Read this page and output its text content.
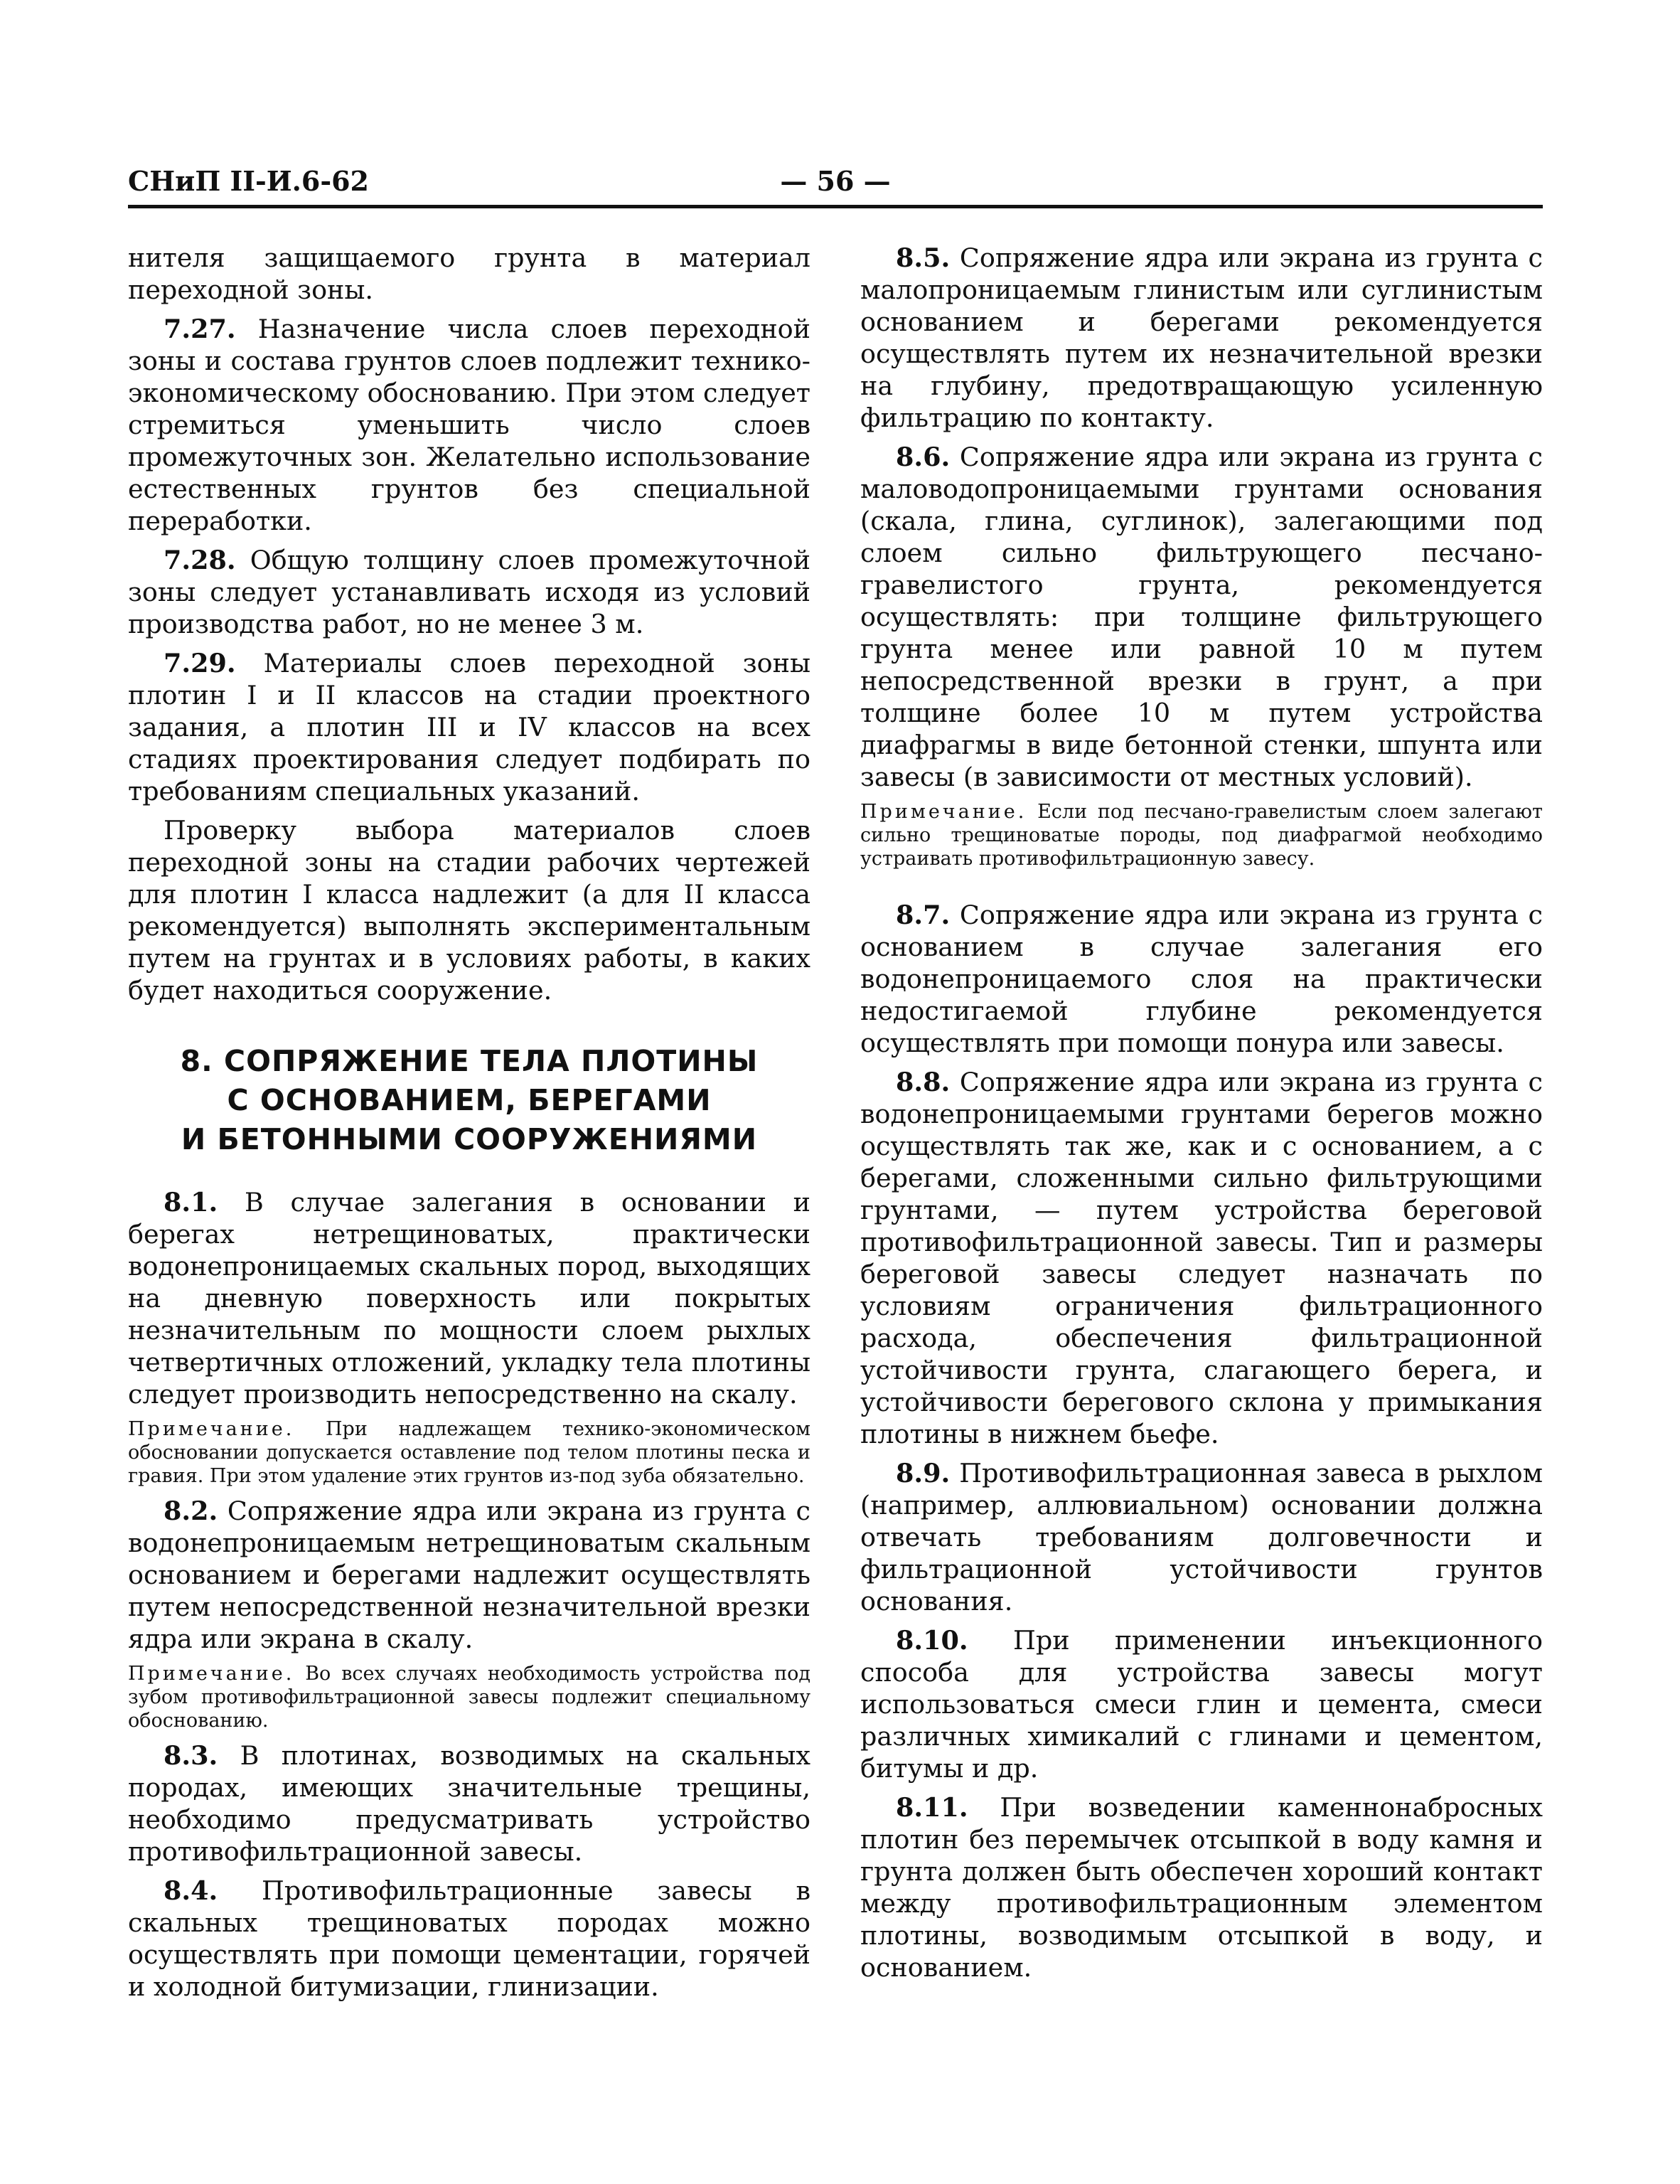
СНиП II-И.6-62	— 56 —

нителя защищаемого грунта в материал переходной зоны.

7.27. Назначение числа слоев переходной зоны и состава грунтов слоев подлежит технико-экономическому обоснованию. При этом следует стремиться уменьшить число слоев промежуточных зон. Желательно использование естественных грунтов без специальной переработки.

7.28. Общую толщину слоев промежуточной зоны следует устанавливать исходя из условий производства работ, но не менее 3 м.

7.29. Материалы слоев переходной зоны плотин I и II классов на стадии проектного задания, а плотин III и IV классов на всех стадиях проектирования следует подбирать по требованиям специальных указаний.

Проверку выбора материалов слоев переходной зоны на стадии рабочих чертежей для плотин I класса надлежит (а для II класса рекомендуется) выполнять экспериментальным путем на грунтах и в условиях работы, в каких будет находиться сооружение.

8. СОПРЯЖЕНИЕ ТЕЛА ПЛОТИНЫ
С ОСНОВАНИЕМ, БЕРЕГАМИ
И БЕТОННЫМИ СООРУЖЕНИЯМИ

8.1. В случае залегания в основании и берегах нетрещиноватых, практически водонепроницаемых скальных пород, выходящих на дневную поверхность или покрытых незначительным по мощности слоем рыхлых четвертичных отложений, укладку тела плотины следует производить непосредственно на скалу.

Примечание. При надлежащем технико-экономическом обосновании допускается оставление под телом плотины песка и гравия. При этом удаление этих грунтов из-под зуба обязательно.

8.2. Сопряжение ядра или экрана из грунта с водонепроницаемым нетрещиноватым скальным основанием и берегами надлежит осуществлять путем непосредственной незначительной врезки ядра или экрана в скалу.

Примечание. Во всех случаях необходимость устройства под зубом противофильтрационной завесы подлежит специальному обоснованию.

8.3. В плотинах, возводимых на скальных породах, имеющих значительные трещины, необходимо предусматривать устройство противофильтрационной завесы.

8.4. Противофильтрационные завесы в скальных трещиноватых породах можно осуществлять при помощи цементации, горячей и холодной битумизации, глинизации.

8.5. Сопряжение ядра или экрана из грунта с малопроницаемым глинистым или суглинистым основанием и берегами рекомендуется осуществлять путем их незначительной врезки на глубину, предотвращающую усиленную фильтрацию по контакту.

8.6. Сопряжение ядра или экрана из грунта с маловодопроницаемыми грунтами основания (скала, глина, суглинок), залегающими под слоем сильно фильтрующего песчано-гравелистого грунта, рекомендуется осуществлять: при толщине фильтрующего грунта менее или равной 10 м путем непосредственной врезки в грунт, а при толщине более 10 м путем устройства диафрагмы в виде бетонной стенки, шпунта или завесы (в зависимости от местных условий).

Примечание. Если под песчано-гравелистым слоем залегают сильно трещиноватые породы, под диафрагмой необходимо устраивать противофильтрационную завесу.

8.7. Сопряжение ядра или экрана из грунта с основанием в случае залегания его водонепроницаемого слоя на практически недостигаемой глубине рекомендуется осуществлять при помощи понура или завесы.

8.8. Сопряжение ядра или экрана из грунта с водонепроницаемыми грунтами берегов можно осуществлять так же, как и с основанием, а с берегами, сложенными сильно фильтрующими грунтами, — путем устройства береговой противофильтрационной завесы. Тип и размеры береговой завесы следует назначать по условиям ограничения фильтрационного расхода, обеспечения фильтрационной устойчивости грунта, слагающего берега, и устойчивости берегового склона у примыкания плотины в нижнем бьефе.

8.9. Противофильтрационная завеса в рыхлом (например, аллювиальном) основании должна отвечать требованиям долговечности и фильтрационной устойчивости грунтов основания.

8.10. При применении инъекционного способа для устройства завесы могут использоваться смеси глин и цемента, смеси различных химикалий с глинами и цементом, битумы и др.

8.11. При возведении каменнонабросных плотин без перемычек отсыпкой в воду камня и грунта должен быть обеспечен хороший контакт между противофильтрационным элементом плотины, возводимым отсыпкой в воду, и основанием.
